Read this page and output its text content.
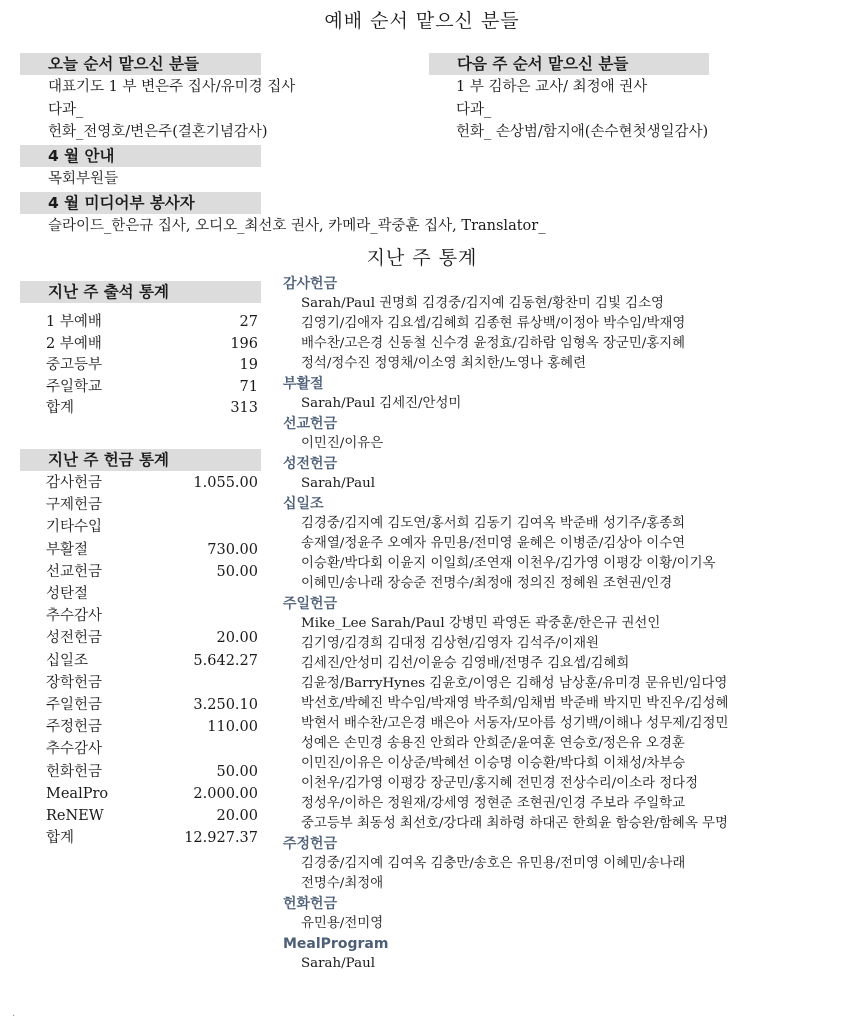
예배 순서 맡으신 분들
오늘 순서 맡으신 분들
대표기도 1 부 변은주 집사/유미경 집사
다과_
헌화_전영호/변은주(결혼기념감사)
다음 주 순서 맡으신 분들
1 부 김하은 교사/ 최정애 권사
다과_
헌화_ 손상범/함지애(손수현첫생일감사)
4 월 안내
목회부원들
4 월 미디어부 봉사자
슬라이드_한은규 집사, 오디오_최선호 권사, 카메라_곽중훈 집사, Translator_
지난 주 통계
지난 주 출석 통계
1 부예배	27
2 부예배	196
중고등부	19
주일학교	71
합계	313
지난 주 헌금 통계
감사헌금	1.055.00
구제헌금
기타수입
부활절	730.00
선교헌금	50.00
성탄절
추수감사
성전헌금	20.00
십일조	5.642.27
장학헌금
주일헌금	3.250.10
주정헌금	110.00
추수감사
헌화헌금	50.00
MealPro	2.000.00
ReNEW	20.00
합계	12.927.37
감사헌금
Sarah/Paul 권명희 김경중/김지예 김동현/황찬미 김빛 김소영
김영기/김애자 김요셉/김혜희 김종현 류상백/이정아 박수임/박재영
배수찬/고은경 신동철 신수경 윤정효/김하람 임형옥 장군민/홍지혜
정석/정수진 정영채/이소영 최치한/노영나 홍혜련
부활절
Sarah/Paul 김세진/안성미
선교헌금
이민진/이유은
성전헌금
Sarah/Paul
십일조
김경중/김지예 김도연/홍서희 김동기 김여옥 박준배 성기주/홍종희
송재열/정윤주 오예자 유민용/전미영 윤혜은 이병준/김상아 이수연
이승환/박다회 이윤지 이일희/조연재 이천우/김가영 이평강 이황/이기옥
이혜민/송나래 장승준 전명수/최정애 정의진 정혜원 조현권/인경
주일헌금
Mike_Lee Sarah/Paul 강병민 곽영돈 곽중훈/한은규 권선인
김기영/김경희 김대정 김상현/김영자 김석주/이재원
김세진/안성미 김선/이윤승 김영배/전명주 김요셉/김혜희
김윤정/BarryHynes 김윤호/이영은 김해성 남상훈/유미경 문유빈/임다영
박선호/박혜진 박수임/박재영 박주희/임채범 박준배 박지민 박진우/김성혜
박현서 배수찬/고은경 배은아 서동자/모아름 성기백/이해나 성무제/김정민
성예은 손민경 송용진 안희라 안희준/윤여훈 연승호/정은유 오경훈
이민진/이유은 이상준/박혜선 이승명 이승환/박다희 이채성/차부승
이천우/김가영 이평강 장군민/홍지혜 전민경 전상수리/이소라 정다정
정성우/이하은 정원재/강세영 정현준 조현권/인경 주보라 주일학교
중고등부 최동성 최선호/강다래 최하령 하대곤 한희윤 함승완/함혜옥 무명
주정헌금
김경중/김지예 김여옥 김충만/송호은 유민용/전미영 이혜민/송나래
전명수/최정애
헌화헌금
유민용/전미영
MealProgram
Sarah/Paul
.
